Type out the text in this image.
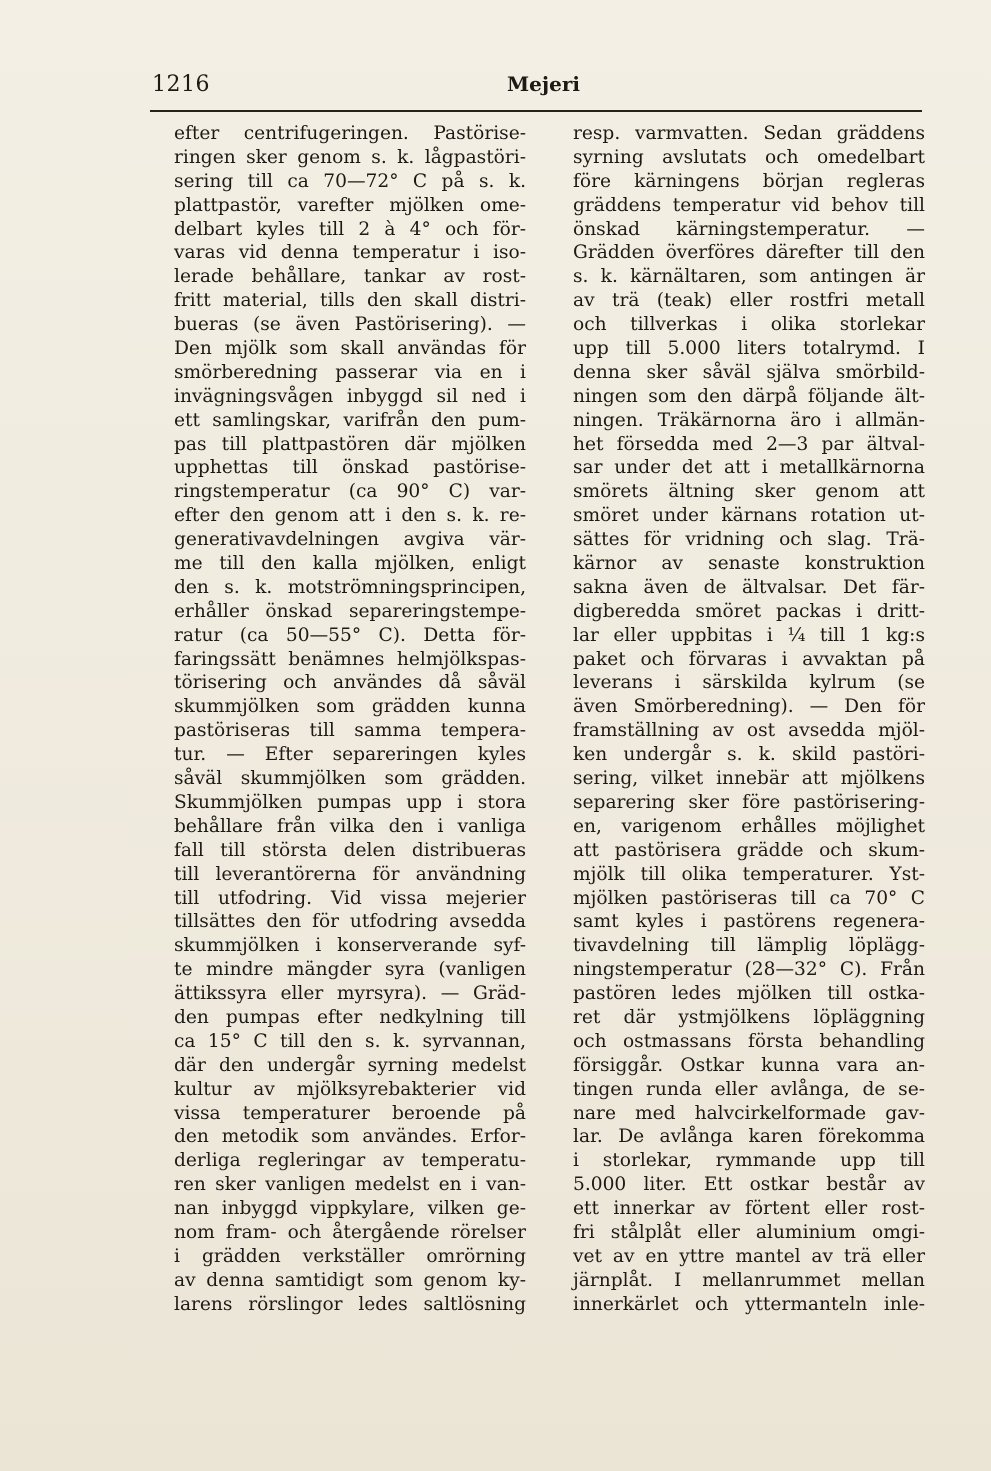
1216	Mejeri
efter centrifugeringen. Pastörise-
ringen sker genom s. k. lågpastöri-
sering till ca 70—72° C på s. k.
plattpastör, varefter mjölken ome-
delbart kyles till 2 à 4° och för-
varas vid denna temperatur i iso-
lerade behållare, tankar av rost-
fritt material, tills den skall distri-
bueras (se även Pastörisering). —
Den mjölk som skall användas för
smörberedning passerar via en i
invägningsvågen inbyggd sil ned i
ett samlingskar, varifrån den pum-
pas till plattpastören där mjölken
upphettas till önskad pastörise-
ringstemperatur (ca 90° C) var-
efter den genom att i den s. k. re-
generativavdelningen avgiva vär-
me till den kalla mjölken, enligt
den s. k. motströmningsprincipen,
erhåller önskad separeringstempe-
ratur (ca 50—55° C). Detta för-
faringssätt benämnes helmjölkspas-
törisering och användes då såväl
skummjölken som grädden kunna
pastöriseras till samma tempera-
tur. — Efter separeringen kyles
såväl skummjölken som grädden.
Skummjölken pumpas upp i stora
behållare från vilka den i vanliga
fall till största delen distribueras
till leverantörerna för användning
till utfodring. Vid vissa mejerier
tillsättes den för utfodring avsedda
skummjölken i konserverande syf-
te mindre mängder syra (vanligen
ättikssyra eller myrsyra). — Gräd-
den pumpas efter nedkylning till
ca 15° C till den s. k. syrvannan,
där den undergår syrning medelst
kultur av mjölksyrebakterier vid
vissa temperaturer beroende på
den metodik som användes. Erfor-
derliga regleringar av temperatu-
ren sker vanligen medelst en i van-
nan inbyggd vippkylare, vilken ge-
nom fram- och återgående rörelser
i grädden verkställer omrörning
av denna samtidigt som genom ky-
larens rörslingor ledes saltlösning
resp. varmvatten. Sedan gräddens
syrning avslutats och omedelbart
före kärningens början regleras
gräddens temperatur vid behov till
önskad kärningstemperatur. —
Grädden överföres därefter till den
s. k. kärnältaren, som antingen är
av trä (teak) eller rostfri metall
och tillverkas i olika storlekar
upp till 5.000 liters totalrymd. I
denna sker såväl själva smörbild-
ningen som den därpå följande ält-
ningen. Träkärnorna äro i allmän-
het försedda med 2—3 par ältval-
sar under det att i metallkärnorna
smörets ältning sker genom att
smöret under kärnans rotation ut-
sättes för vridning och slag. Trä-
kärnor av senaste konstruktion
sakna även de ältvalsar. Det fär-
digberedda smöret packas i dritt-
lar eller uppbitas i ¼ till 1 kg:s
paket och förvaras i avvaktan på
leverans i särskilda kylrum (se
även Smörberedning). — Den för
framställning av ost avsedda mjöl-
ken undergår s. k. skild pastöri-
sering, vilket innebär att mjölkens
separering sker före pastörisering-
en, varigenom erhålles möjlighet
att pastörisera grädde och skum-
mjölk till olika temperaturer. Yst-
mjölken pastöriseras till ca 70° C
samt kyles i pastörens regenera-
tivavdelning till lämplig löplägg-
ningstemperatur (28—32° C). Från
pastören ledes mjölken till ostka-
ret där ystmjölkens löpläggning
och ostmassans första behandling
försiggår. Ostkar kunna vara an-
tingen runda eller avlånga, de se-
nare med halvcirkelformade gav-
lar. De avlånga karen förekomma
i storlekar, rymmande upp till
5.000 liter. Ett ostkar består av
ett innerkar av förtent eller rost-
fri stålplåt eller aluminium omgi-
vet av en yttre mantel av trä eller
järnplåt. I mellanrummet mellan
innerkärlet och yttermanteln inle-
